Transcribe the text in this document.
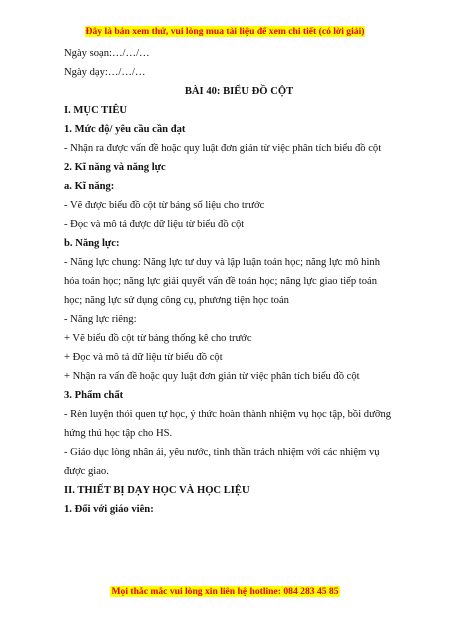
Đây là bản xem thử, vui lòng mua tài liệu để xem chi tiết (có lời giải)
Ngày soạn:…/…/…
Ngày dạy:…/…/…
BÀI 40: BIỂU ĐỒ CỘT
I. MỤC TIÊU
1. Mức độ/ yêu cầu cần đạt
- Nhận ra được vấn đề hoặc quy luật đơn giản từ việc phân tích biểu đồ cột
2. Kĩ năng và năng lực
a. Kĩ năng:
- Vẽ được biểu đồ cột từ bảng số liệu cho trước
- Đọc và mô tả được dữ liệu từ biểu đồ cột
b. Năng lực:
- Năng lực chung: Năng lực tư duy và lập luận toán học; năng lực mô hình
hóa toán học; năng lực giải quyết vấn đề toán học; năng lực giao tiếp toán
học; năng lực sử dụng công cụ, phương tiện học toán
- Năng lực riêng:
+ Vẽ biểu đồ cột từ bảng thống kê cho trước
+ Đọc và mô tả dữ liệu từ biểu đồ cột
+ Nhận ra vấn đề hoặc quy luật đơn giản từ việc phân tích biểu đồ cột
3. Phẩm chất
- Rèn luyện thói quen tự học, ý thức hoàn thành nhiệm vụ học tập, bồi dưỡng
hứng thú học tập cho HS.
- Giáo dục lòng nhân ái, yêu nước, tinh thần trách nhiệm với các nhiệm vụ
được giao.
II. THIẾT BỊ DẠY HỌC VÀ HỌC LIỆU
1. Đối với giáo viên:
Mọi thắc mắc vui lòng xin liên hệ hotline: 084 283 45 85
